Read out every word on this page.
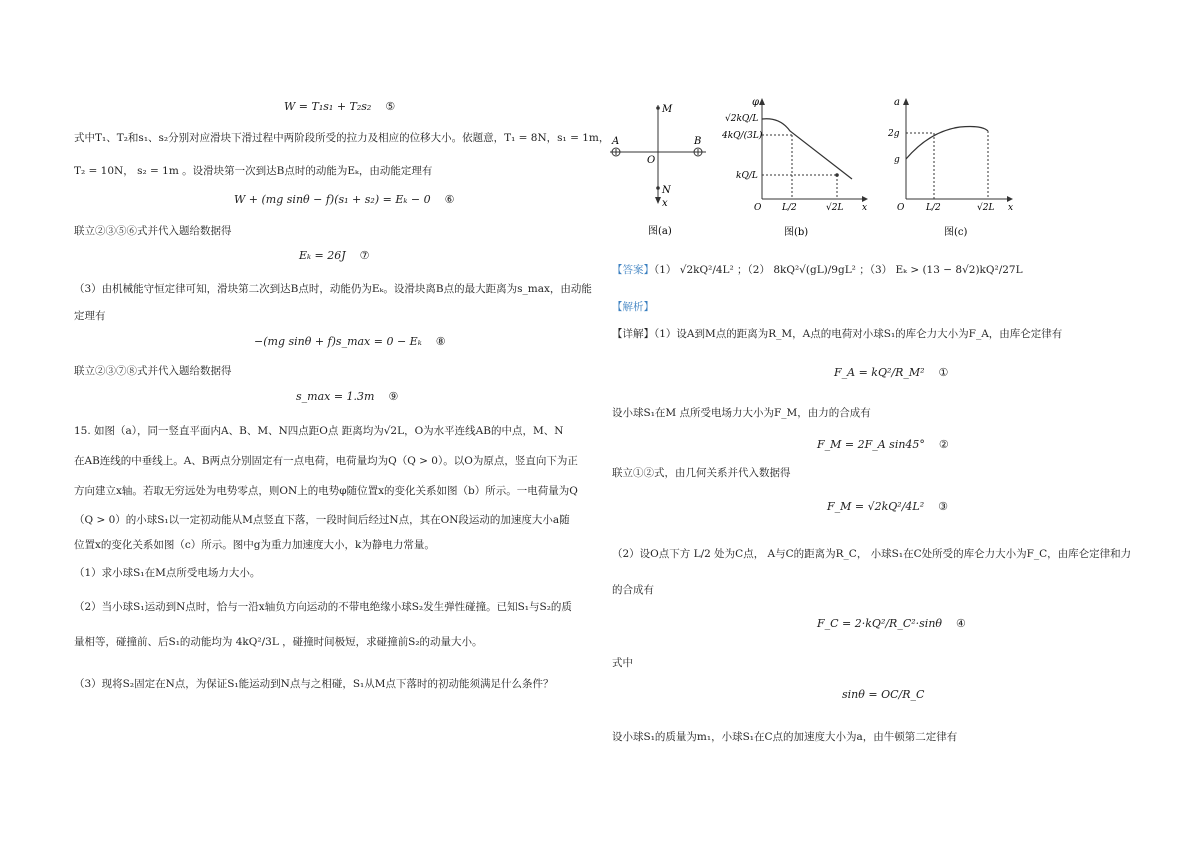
W = T₁s₁ + T₂s₂ ⑤
式中T₁、T₂和s₁、s₂分别对应滑块下滑过程中两阶段所受的拉力及相应的位移大小。依题意，T₁ = 8N，s₁ = 1m，
T₂ = 10N， s₂ = 1m 。设滑块第一次到达B点时的动能为Eₖ，由动能定理有
W + (mg sinθ − f)(s₁ + s₂) = Eₖ − 0 ⑥
联立②③⑤⑥式并代入题给数据得
Eₖ = 26J ⑦
（3）由机械能守恒定律可知，滑块第二次到达B点时，动能仍为Eₖ。设滑块离B点的最大距离为s_max，由动能
定理有
−(mg sinθ + f)s_max = 0 − Eₖ ⑧
联立②③⑦⑧式并代入题给数据得
s_max = 1.3m ⑨
15. 如图（a），同一竖直平面内A、B、M、N四点距O点 距离均为√2L，O为水平连线AB的中点，M、N
在AB连线的中垂线上。A、B两点分别固定有一点电荷，电荷量均为Q（Q > 0）。以O为原点，竖直向下为正
方向建立x轴。若取无穷远处为电势零点，则ON上的电势φ随位置x的变化关系如图（b）所示。一电荷量为Q
（Q > 0）的小球S₁以一定初动能从M点竖直下落，一段时间后经过N点，其在ON段运动的加速度大小a随
位置x的变化关系如图（c）所示。图中g为重力加速度大小，k为静电力常量。
（1）求小球S₁在M点所受电场力大小。
（2）当小球S₁运动到N点时，恰与一沿x轴负方向运动的不带电绝缘小球S₂发生弹性碰撞。已知S₁与S₂的质
量相等，碰撞前、后S₁的动能均为 4kQ²/3L ，碰撞时间极短，求碰撞前S₂的动量大小。
（3）现将S₂固定在N点，为保证S₁能运动到N点与之相碰，S₁从M点下落时的初动能须满足什么条件？
M
N
A	B
O
x
图(a)
φ
√2kQ/L
4kQ/(3L)
kQ/L
O L/2	√2L x
图(b)
a
2g
g
O L/2	√2L x
图(c)
【答案】（1） √2kQ²/4L² ；（2） 8kQ²√(gL)/9gL² ；（3） Eₖ > (13 − 8√2)kQ²/27L
【解析】
【详解】（1）设A到M点的距离为R_M，A点的电荷对小球S₁的库仑力大小为F_A，由库仑定律有
F_A = kQ²/R_M² ①
设小球S₁在M 点所受电场力大小为F_M，由力的合成有
F_M = 2F_A sin45° ②
联立①②式，由几何关系并代入数据得
F_M = √2kQ²/4L² ③
（2）设O点下方 L/2 处为C点， A与C的距离为R_C， 小球S₁在C处所受的库仑力大小为F_C，由库仑定律和力
的合成有
F_C = 2·kQ²/R_C²·sinθ ④
式中
sinθ = OC/R_C
设小球S₁的质量为m₁，小球S₁在C点的加速度大小为a，由牛顿第二定律有
